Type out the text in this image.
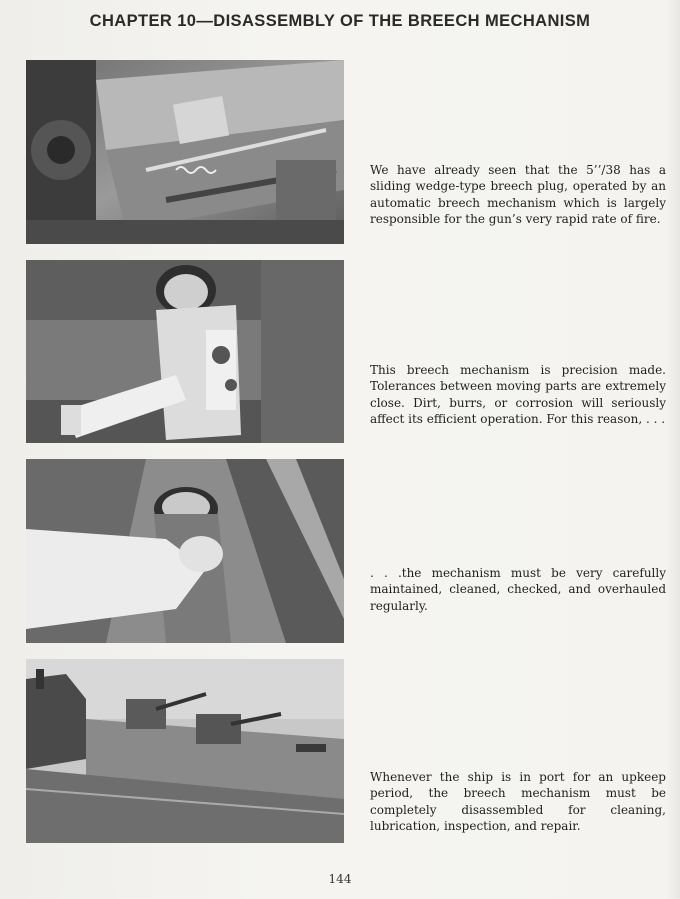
CHAPTER 10—DISASSEMBLY OF THE BREECH MECHANISM

We have already seen that the 5’’/38 has a sliding wedge-type breech plug, operated by an automatic breech mechanism which is largely responsible for the gun’s very rapid rate of fire.

This breech mechanism is precision made. Tolerances between moving parts are extremely close. Dirt, burrs, or corrosion will seriously affect its efficient operation. For this reason, . . .

. . .the mechanism must be very carefully maintained, cleaned, checked, and overhauled regularly.

Whenever the ship is in port for an upkeep period, the breech mechanism must be completely disassembled for cleaning, lubrication, inspection, and repair.

144
